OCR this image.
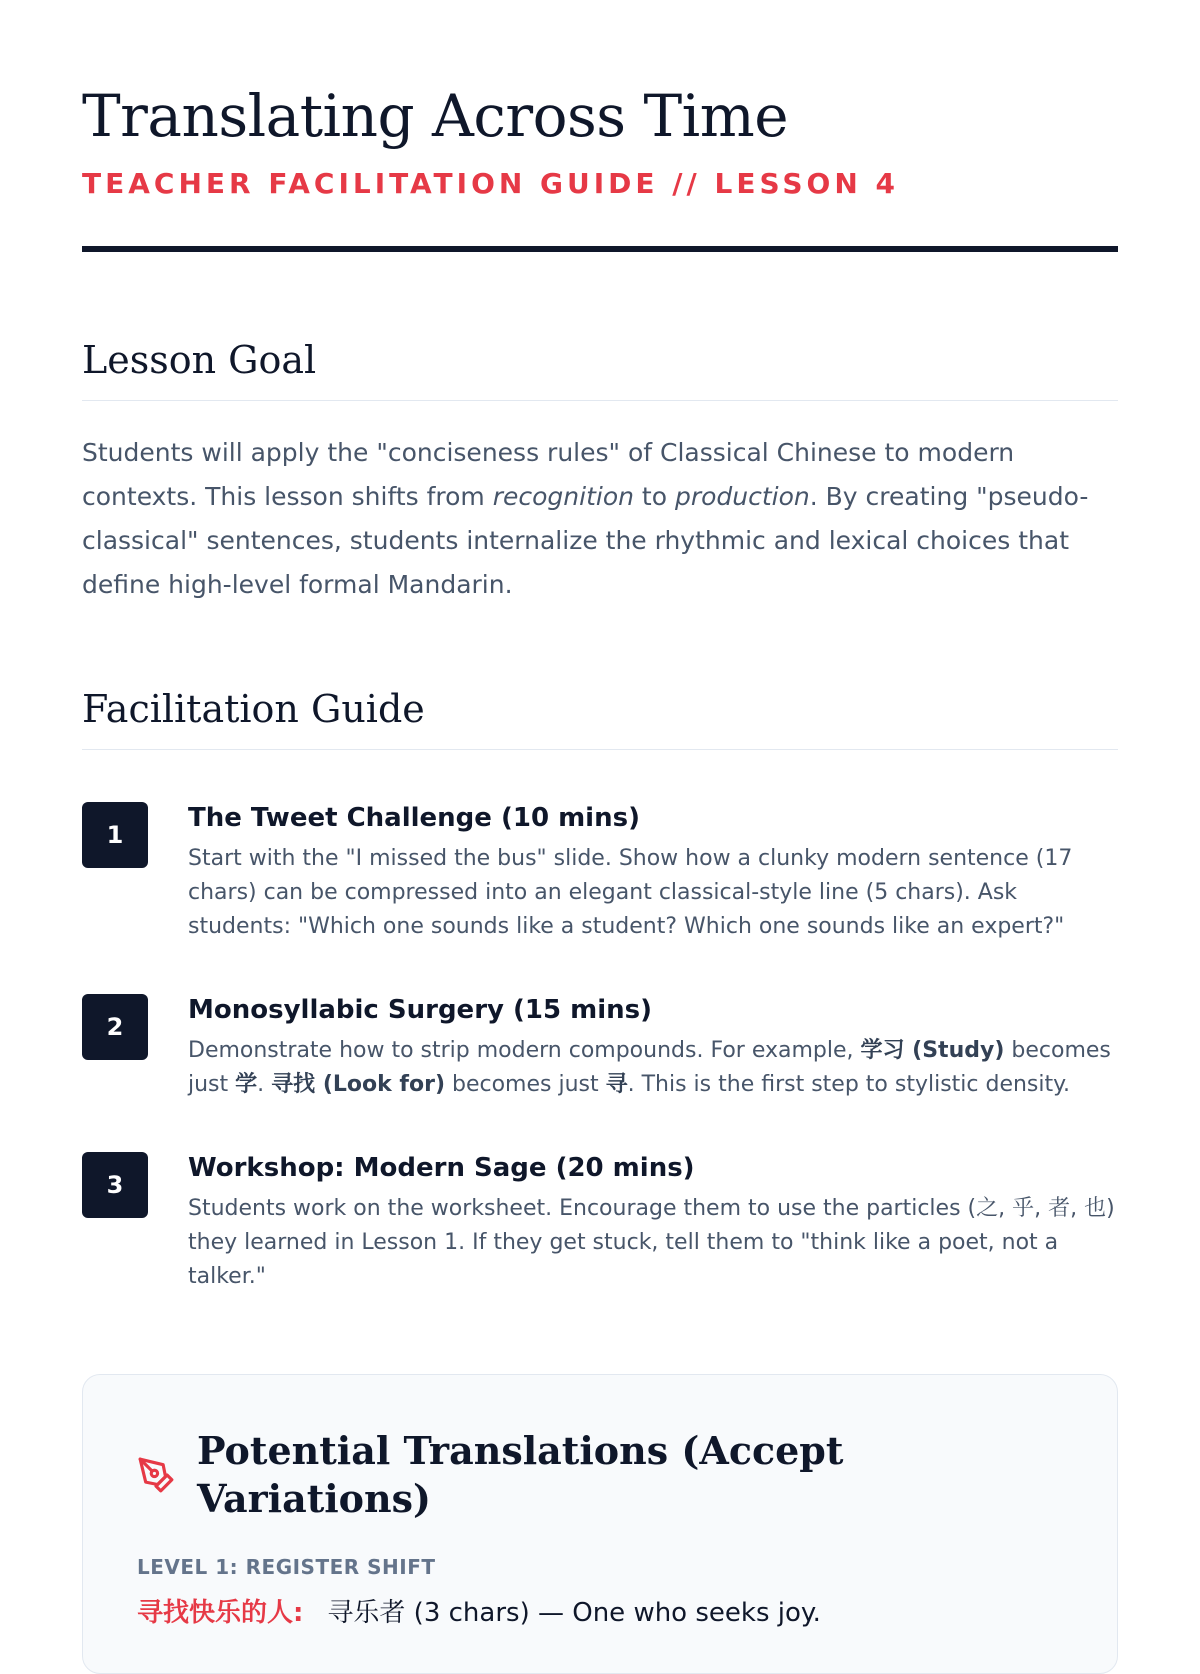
Translating Across Time
TEACHER FACILITATION GUIDE // LESSON 4
Lesson Goal

Students will apply the "conciseness rules" of Classical Chinese to modern contexts. This lesson shifts from recognition to production. By creating "pseudo-classical" sentences, students internalize the rhythmic and lexical choices that define high-level formal Mandarin.

Facilitation Guide
1
The Tweet Challenge (10 mins)
Start with the "I missed the bus" slide. Show how a clunky modern sentence (17 chars) can be compressed into an elegant classical-style line (5 chars). Ask students: "Which one sounds like a student? Which one sounds like an expert?"
2
Monosyllabic Surgery (15 mins)
Demonstrate how to strip modern compounds. For example, 学习 (Study) becomes just 学. 寻找 (Look for) becomes just 寻. This is the first step to stylistic density.
3
Workshop: Modern Sage (20 mins)
Students work on the worksheet. Encourage them to use the particles (之, 乎, 者, 也) they learned in Lesson 1. If they get stuck, tell them to "think like a poet, not a talker."
Potential Translations (Accept Variations)
LEVEL 1: REGISTER SHIFT
寻找快乐的人: 寻乐者 (3 chars) — One who seeks joy.
